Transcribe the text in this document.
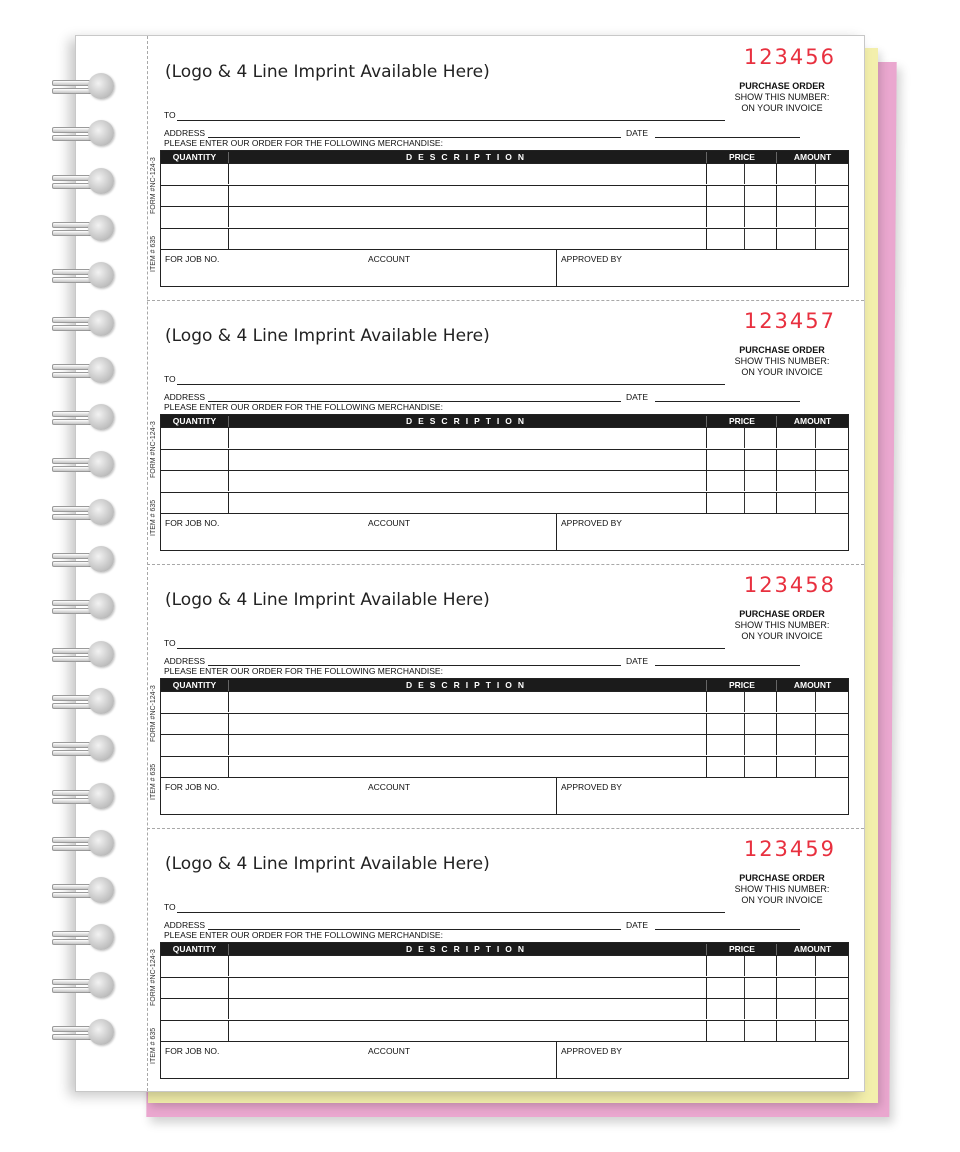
(Logo & 4 Line Imprint Available Here)
123456
PURCHASE ORDER
SHOW THIS NUMBER:
ON YOUR INVOICE
TO
ADDRESS	DATE
PLEASE ENTER OUR ORDER FOR THE FOLLOWING MERCHANDISE:
FORM #NC-124-3
ITEM # 635
QUANTITY	DESCRIPTION	PRICE	AMOUNT
FOR JOB NO.	ACCOUNT	APPROVED BY
(Logo & 4 Line Imprint Available Here)
123457
PURCHASE ORDER
SHOW THIS NUMBER:
ON YOUR INVOICE
TO
ADDRESS	DATE
PLEASE ENTER OUR ORDER FOR THE FOLLOWING MERCHANDISE:
FORM #NC-124-3
ITEM # 635
QUANTITY	DESCRIPTION	PRICE	AMOUNT
FOR JOB NO.	ACCOUNT	APPROVED BY
(Logo & 4 Line Imprint Available Here)
123458
PURCHASE ORDER
SHOW THIS NUMBER:
ON YOUR INVOICE
TO
ADDRESS	DATE
PLEASE ENTER OUR ORDER FOR THE FOLLOWING MERCHANDISE:
FORM #NC-124-3
ITEM # 635
QUANTITY	DESCRIPTION	PRICE	AMOUNT
FOR JOB NO.	ACCOUNT	APPROVED BY
(Logo & 4 Line Imprint Available Here)
123459
PURCHASE ORDER
SHOW THIS NUMBER:
ON YOUR INVOICE
TO
ADDRESS	DATE
PLEASE ENTER OUR ORDER FOR THE FOLLOWING MERCHANDISE:
FORM #NC-124-3
ITEM # 635
QUANTITY	DESCRIPTION	PRICE	AMOUNT
FOR JOB NO.	ACCOUNT	APPROVED BY
